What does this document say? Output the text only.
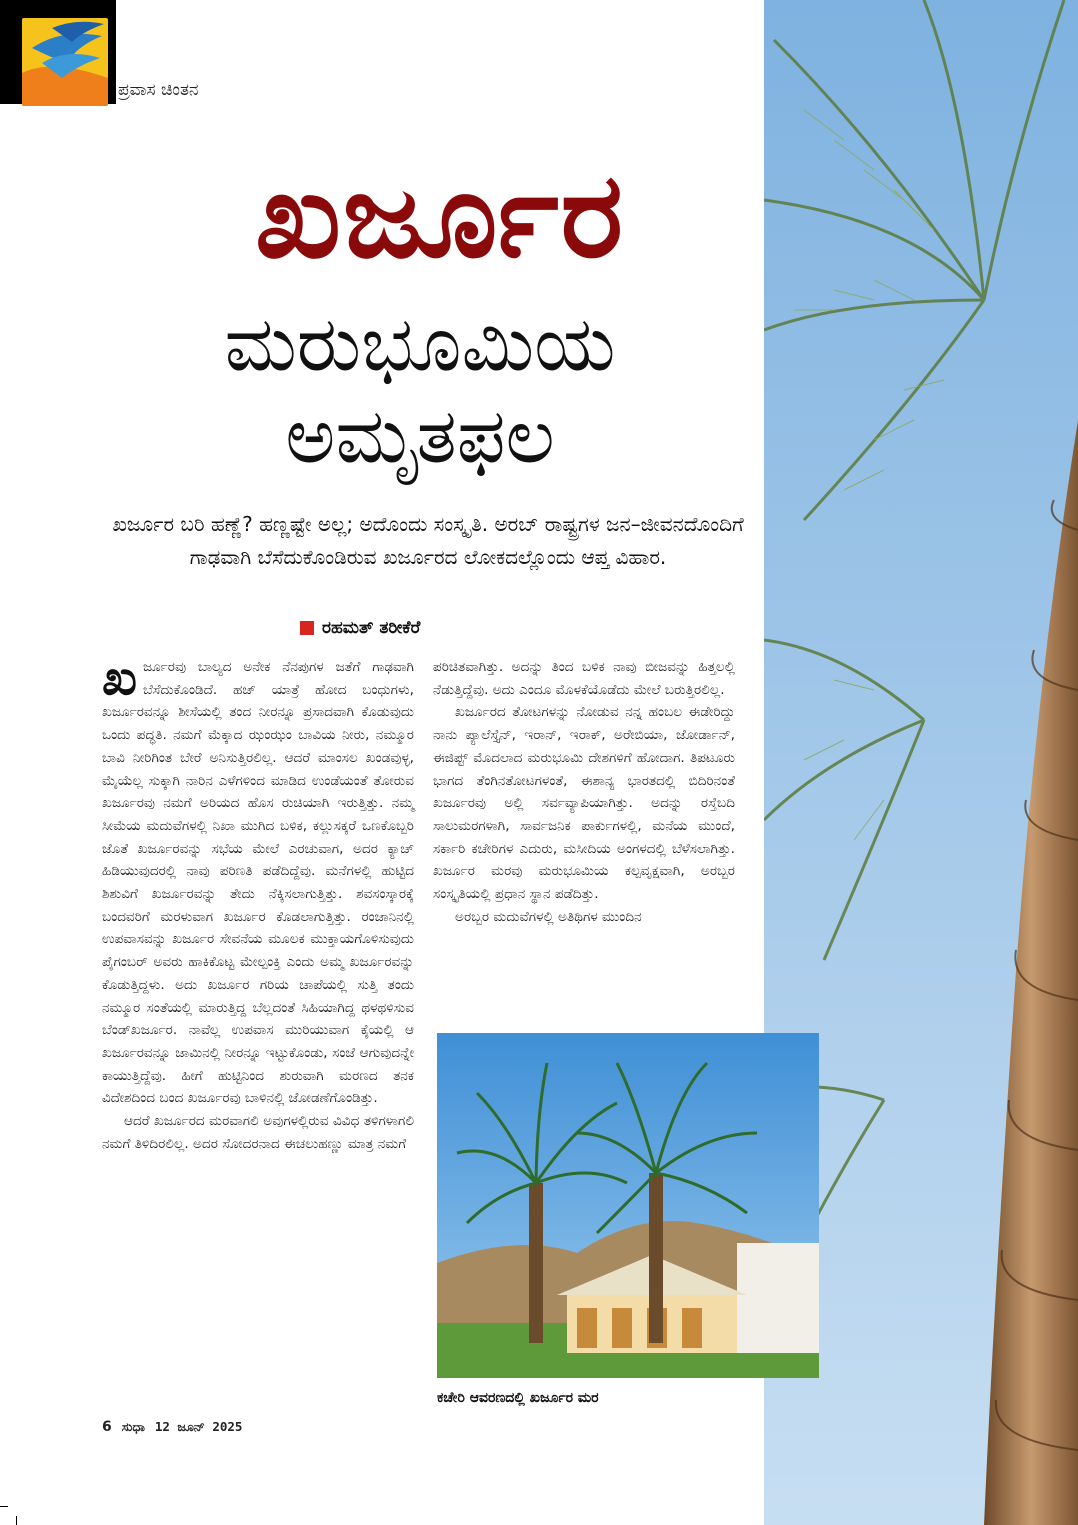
ಪ್ರವಾಸ ಚಿಂತನ
ಖರ್ಜೂರ
ಮರುಭೂಮಿಯ
ಅಮೃತಫಲ
ಖರ್ಜೂರ ಬರಿ ಹಣ್ಣೆ? ಹಣ್ಣಷ್ಟೇ ಅಲ್ಲ; ಅದೊಂದು ಸಂಸ್ಕೃತಿ. ಅರಬ್ ರಾಷ್ಟ್ರಗಳ ಜನ–ಜೀವನದೊಂದಿಗೆ ಗಾಢವಾಗಿ ಬೆಸೆದುಕೊಂಡಿರುವ ಖರ್ಜೂರದ ಲೋಕದಲ್ಲೊಂದು ಆಪ್ತ ವಿಹಾರ.
ರಹಮತ್ ತರೀಕೆರೆ

ಖರ್ಜೂರವು ಬಾಲ್ಯದ ಅನೇಕ ನೆನಪುಗಳ ಜತೆಗೆ ಗಾಢವಾಗಿ ಬೆಸೆದುಕೊಂಡಿದೆ. ಹಜ್ ಯಾತ್ರೆ ಹೋದ ಬಂಧುಗಳು, ಖರ್ಜೂರವನ್ನೂ ಶೀಸೆಯಲ್ಲಿ ತಂದ ನೀರನ್ನೂ ಪ್ರಸಾದವಾಗಿ ಕೊಡುವುದು ಒಂದು ಪದ್ಧತಿ. ನಮಗೆ ಮೆಕ್ಕಾದ ಝಂಝಂ ಬಾವಿಯ ನೀರು, ನಮ್ಮೂರ ಬಾವಿ ನೀರಿಗಿಂತ ಬೇರೆ ಅನಿಸುತ್ತಿರಲಿಲ್ಲ. ಆದರೆ ಮಾಂಸಲ ಖಂಡವುಳ್ಳ, ಮೈಯೆಲ್ಲ ಸುಕ್ಕಾಗಿ ನಾರಿನ ಎಳೆಗಳಿಂದ ಮಾಡಿದ ಉಂಡೆಯಂತೆ ತೋರುವ ಖರ್ಜೂರವು ನಮಗೆ ಅರಿಯದ ಹೊಸ ರುಚಿಯಾಗಿ ಇರುತ್ತಿತ್ತು. ನಮ್ಮ ಸೀಮೆಯ ಮದುವೆಗಳಲ್ಲಿ ನಿಖಾ ಮುಗಿದ ಬಳಿಕ, ಕಲ್ಲುಸಕ್ಕರೆ ಒಣಕೊಬ್ಬರಿ ಜೊತೆ ಖರ್ಜೂರವನ್ನು ಸಭೆಯ ಮೇಲೆ ಎರಚುವಾಗ, ಅದರ ಕ್ಯಾಚ್ ಹಿಡಿಯುವುದರಲ್ಲಿ ನಾವು ಪರಿಣತಿ ಪಡೆದಿದ್ದೆವು. ಮನೆಗಳಲ್ಲಿ ಹುಟ್ಟಿದ ಶಿಶುವಿಗೆ ಖರ್ಜೂರವನ್ನು ತೇದು ನೆಕ್ಕಿಸಲಾಗುತ್ತಿತ್ತು. ಶವಸಂಸ್ಕಾರಕ್ಕೆ ಬಂದವರಿಗೆ ಮರಳುವಾಗ ಖರ್ಜೂರ ಕೊಡಲಾಗುತ್ತಿತ್ತು. ರಂಜಾನಿನಲ್ಲಿ ಉಪವಾಸವನ್ನು ಖರ್ಜೂರ ಸೇವನೆಯ ಮೂಲಕ ಮುಕ್ತಾಯಗೊಳಿಸುವುದು ಪೈಗಂಬರ್ ಅವರು ಹಾಕಿಕೊಟ್ಟ ಮೇಲ್ಪಂಕ್ತಿ ಎಂದು ಅಮ್ಮ ಖರ್ಜೂರವನ್ನು ಕೊಡುತ್ತಿದ್ದಳು. ಅದು ಖರ್ಜೂರ ಗರಿಯ ಚಾಪೆಯಲ್ಲಿ ಸುತ್ತಿ ತಂದು ನಮ್ಮೂರ ಸಂತೆಯಲ್ಲಿ ಮಾರುತ್ತಿದ್ದ ಬೆಲ್ಲದಂತೆ ಸಿಹಿಯಾಗಿದ್ದ ಥಳಥಳಿಸುವ ಬೆಂಡ್‌ಖರ್ಜೂರ. ನಾವೆಲ್ಲ ಉಪವಾಸ ಮುರಿಯುವಾಗ ಕೈಯಲ್ಲಿ ಆ ಖರ್ಜೂರವನ್ನೂ ಜಾಮಿನಲ್ಲಿ ನೀರನ್ನೂ ಇಟ್ಟುಕೊಂಡು, ಸಂಜೆ ಆಗುವುದನ್ನೇ ಕಾಯುತ್ತಿದ್ದೆವು. ಹೀಗೆ ಹುಟ್ಟಿನಿಂದ ಶುರುವಾಗಿ ಮರಣದ ತನಕ ವಿದೇಶದಿಂದ ಬಂದ ಖರ್ಜೂರವು ಬಾಳಿನಲ್ಲಿ ಜೋಡಣೆಗೊಂಡಿತ್ತು.

ಆದರೆ ಖರ್ಜೂರದ ಮರವಾಗಲಿ ಅವುಗಳಲ್ಲಿರುವ ವಿವಿಧ ತಳಿಗಳಾಗಲಿ ನಮಗೆ ತಿಳಿದಿರಲಿಲ್ಲ. ಅದರ ಸೋದರನಾದ ಈಚಲುಹಣ್ಣು ಮಾತ್ರ ನಮಗೆ

ಪರಿಚಿತವಾಗಿತ್ತು. ಅದನ್ನು ತಿಂದ ಬಳಿಕ ನಾವು ಬೀಜವನ್ನು ಹಿತ್ತಲಲ್ಲಿ ನೆಡುತ್ತಿದ್ದೆವು. ಅದು ಎಂದೂ ಮೊಳಕೆಯೊಡೆದು ಮೇಲೆ ಬರುತ್ತಿರಲಿಲ್ಲ.

ಖರ್ಜೂರದ ತೋಟಗಳನ್ನು ನೋಡುವ ನನ್ನ ಹಂಬಲ ಈಡೇರಿದ್ದು ನಾನು ಪ್ಯಾಲೆಸ್ತೈನ್, ಇರಾನ್, ಇರಾಕ್, ಅರೇಬಿಯಾ, ಜೋರ್ಡಾನ್, ಈಜಿಪ್ಟ್ ಮೊದಲಾದ ಮರುಭೂಮಿ ದೇಶಗಳಿಗೆ ಹೋದಾಗ. ತಿಪಟೂರು ಭಾಗದ ತೆಂಗಿನತೋಟಗಳಂತೆ, ಈಶಾನ್ಯ ಭಾರತದಲ್ಲಿ ಬಿದಿರಿನಂತೆ ಖರ್ಜೂರವು ಅಲ್ಲಿ ಸರ್ವವ್ಯಾಪಿಯಾಗಿತ್ತು. ಅದನ್ನು ರಸ್ತೆಬದಿ ಸಾಲುಮರಗಳಾಗಿ, ಸಾರ್ವಜನಿಕ ಪಾರ್ಕುಗಳಲ್ಲಿ, ಮನೆಯ ಮುಂದೆ, ಸರ್ಕಾರಿ ಕಚೇರಿಗಳ ಎದುರು, ಮಸೀದಿಯ ಅಂಗಳದಲ್ಲಿ ಬೆಳೆಸಲಾಗಿತ್ತು. ಖರ್ಜೂರ ಮರವು ಮರುಭೂಮಿಯ ಕಲ್ಪವೃಕ್ಷವಾಗಿ, ಅರಬ್ಬರ ಸಂಸ್ಕೃತಿಯಲ್ಲಿ ಪ್ರಧಾನ ಸ್ಥಾನ ಪಡೆದಿತ್ತು.

ಅರಬ್ಬರ ಮದುವೆಗಳಲ್ಲಿ ಅತಿಥಿಗಳ ಮುಂದಿನ

ಕಚೇರಿ ಆವರಣದಲ್ಲಿ ಖರ್ಜೂರ ಮರ
6 ಸುಧಾ 12 ಜೂನ್ 2025
